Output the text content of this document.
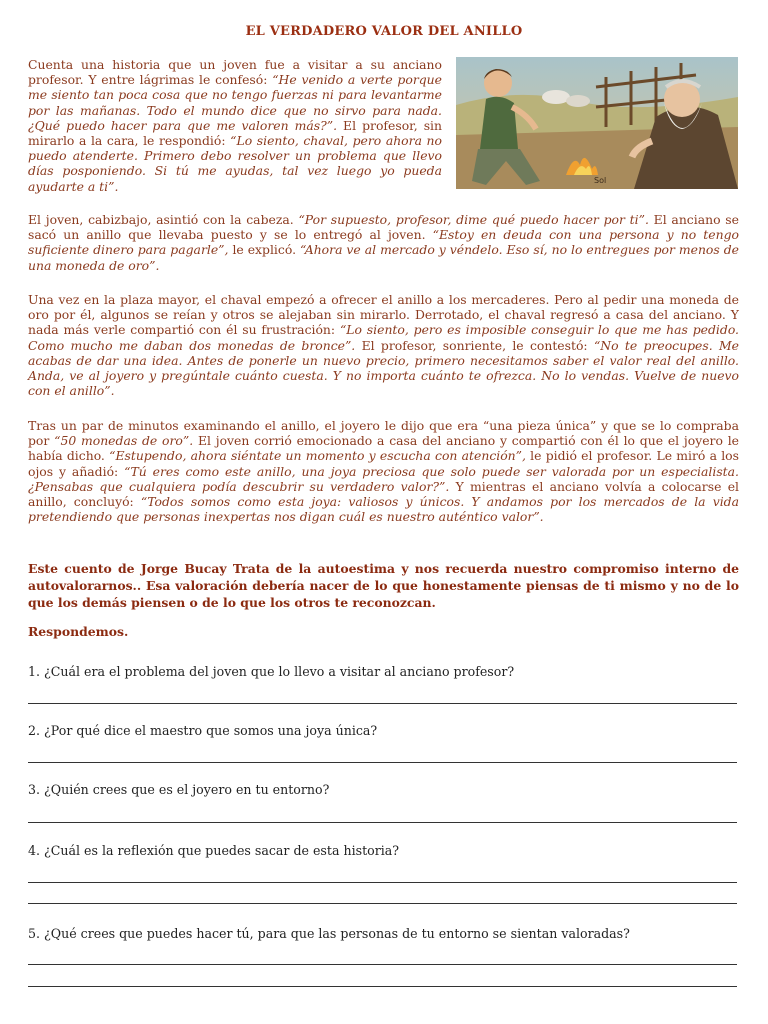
EL VERDADERO VALOR DEL ANILLO
Sol

Cuenta una historia que un joven fue a visitar a su anciano profesor. Y entre lágrimas le confesó: “He venido a verte porque me siento tan poca cosa que no tengo fuerzas ni para levantarme por las mañanas. Todo el mundo dice que no sirvo para nada. ¿Qué puedo hacer para que me valoren más?”. El profesor, sin mirarlo a la cara, le respondió: “Lo siento, chaval, pero ahora no puedo atenderte. Primero debo resolver un problema que llevo días posponiendo. Si tú me ayudas, tal vez luego yo pueda ayudarte a ti”.

El joven, cabizbajo, asintió con la cabeza. “Por supuesto, profesor, dime qué puedo hacer por ti”. El anciano se sacó un anillo que llevaba puesto y se lo entregó al joven. “Estoy en deuda con una persona y no tengo suficiente dinero para pagarle”, le explicó. “Ahora ve al mercado y véndelo. Eso sí, no lo entregues por menos de una moneda de oro”.

Una vez en la plaza mayor, el chaval empezó a ofrecer el anillo a los mercaderes. Pero al pedir una moneda de oro por él, algunos se reían y otros se alejaban sin mirarlo. Derrotado, el chaval regresó a casa del anciano. Y nada más verle compartió con él su frustración: “Lo siento, pero es imposible conseguir lo que me has pedido. Como mucho me daban dos monedas de bronce”. El profesor, sonriente, le contestó: “No te preocupes. Me acabas de dar una idea. Antes de ponerle un nuevo precio, primero necesitamos saber el valor real del anillo. Anda, ve al joyero y pregúntale cuánto cuesta. Y no importa cuánto te ofrezca. No lo vendas. Vuelve de nuevo con el anillo”.

Tras un par de minutos examinando el anillo, el joyero le dijo que era “una pieza única” y que se lo compraba por “50 monedas de oro”. El joven corrió emocionado a casa del anciano y compartió con él lo que el joyero le había dicho. “Estupendo, ahora siéntate un momento y escucha con atención”, le pidió el profesor. Le miró a los ojos y añadió: “Tú eres como este anillo, una joya preciosa que solo puede ser valorada por un especialista. ¿Pensabas que cualquiera podía descubrir su verdadero valor?”. Y mientras el anciano volvía a colocarse el anillo, concluyó: “Todos somos como esta joya: valiosos y únicos. Y andamos por los mercados de la vida pretendiendo que personas inexpertas nos digan cuál es nuestro auténtico valor”.

Este cuento de Jorge Bucay Trata de la autoestima y nos recuerda nuestro compromiso interno de autovalorarnos.. Esa valoración debería nacer de lo que honestamente piensas de ti mismo y no de lo que los demás piensen o de lo que los otros te reconozcan.

Respondemos.

1. ¿Cuál era el problema del joven que lo llevo a visitar al anciano profesor?

2. ¿Por qué dice el maestro que somos una joya única?

3. ¿Quién crees que es el joyero en tu entorno?

4. ¿Cuál es la reflexión que puedes sacar de esta historia?

5. ¿Qué crees que puedes hacer tú, para que las personas de tu entorno se sientan valoradas?
